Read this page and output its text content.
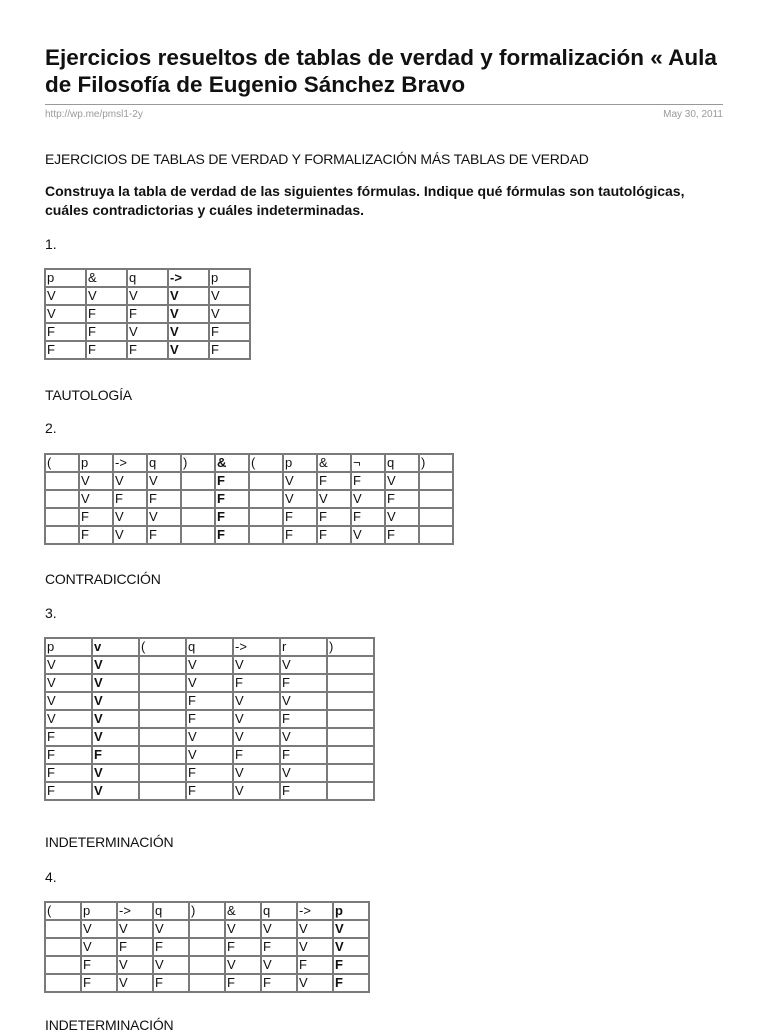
Ejercicios resueltos de tablas de verdad y formalización « Aula de Filosofía de Eugenio Sánchez Bravo
http://wp.me/pmsl1-2y	May 30, 2011
EJERCICIOS DE TABLAS DE VERDAD Y FORMALIZACIÓN MÁS TABLAS DE VERDAD
Construya la tabla de verdad de las siguientes fórmulas. Indique qué fórmulas son tautológicas, cuáles contradictorias y cuáles indeterminadas.
1.
p	&	q	->	p
V	V	V	V	V
V	F	F	V	V
F	F	V	V	F
F	F	F	V	F
TAUTOLOGÍA
2.
(	p	->	q	)	&	(	p	&	¬	q	)
	V	V	V		F		V	F	F	V	
	V	F	F		F		V	V	V	F	
	F	V	V		F		F	F	F	V	
	F	V	F		F		F	F	V	F	
CONTRADICCIÓN
3.
p	v	(	q	->	r	)
V	V		V	V	V	
V	V		V	F	F	
V	V		F	V	V	
V	V		F	V	F	
F	V		V	V	V	
F	F		V	F	F	
F	V		F	V	V	
F	V		F	V	F	
INDETERMINACIÓN
4.
(	p	->	q	)	&	q	->	p
	V	V	V		V	V	V	V
	V	F	F		F	F	V	V
	F	V	V		V	V	F	F
	F	V	F		F	F	V	F
INDETERMINACIÓN
